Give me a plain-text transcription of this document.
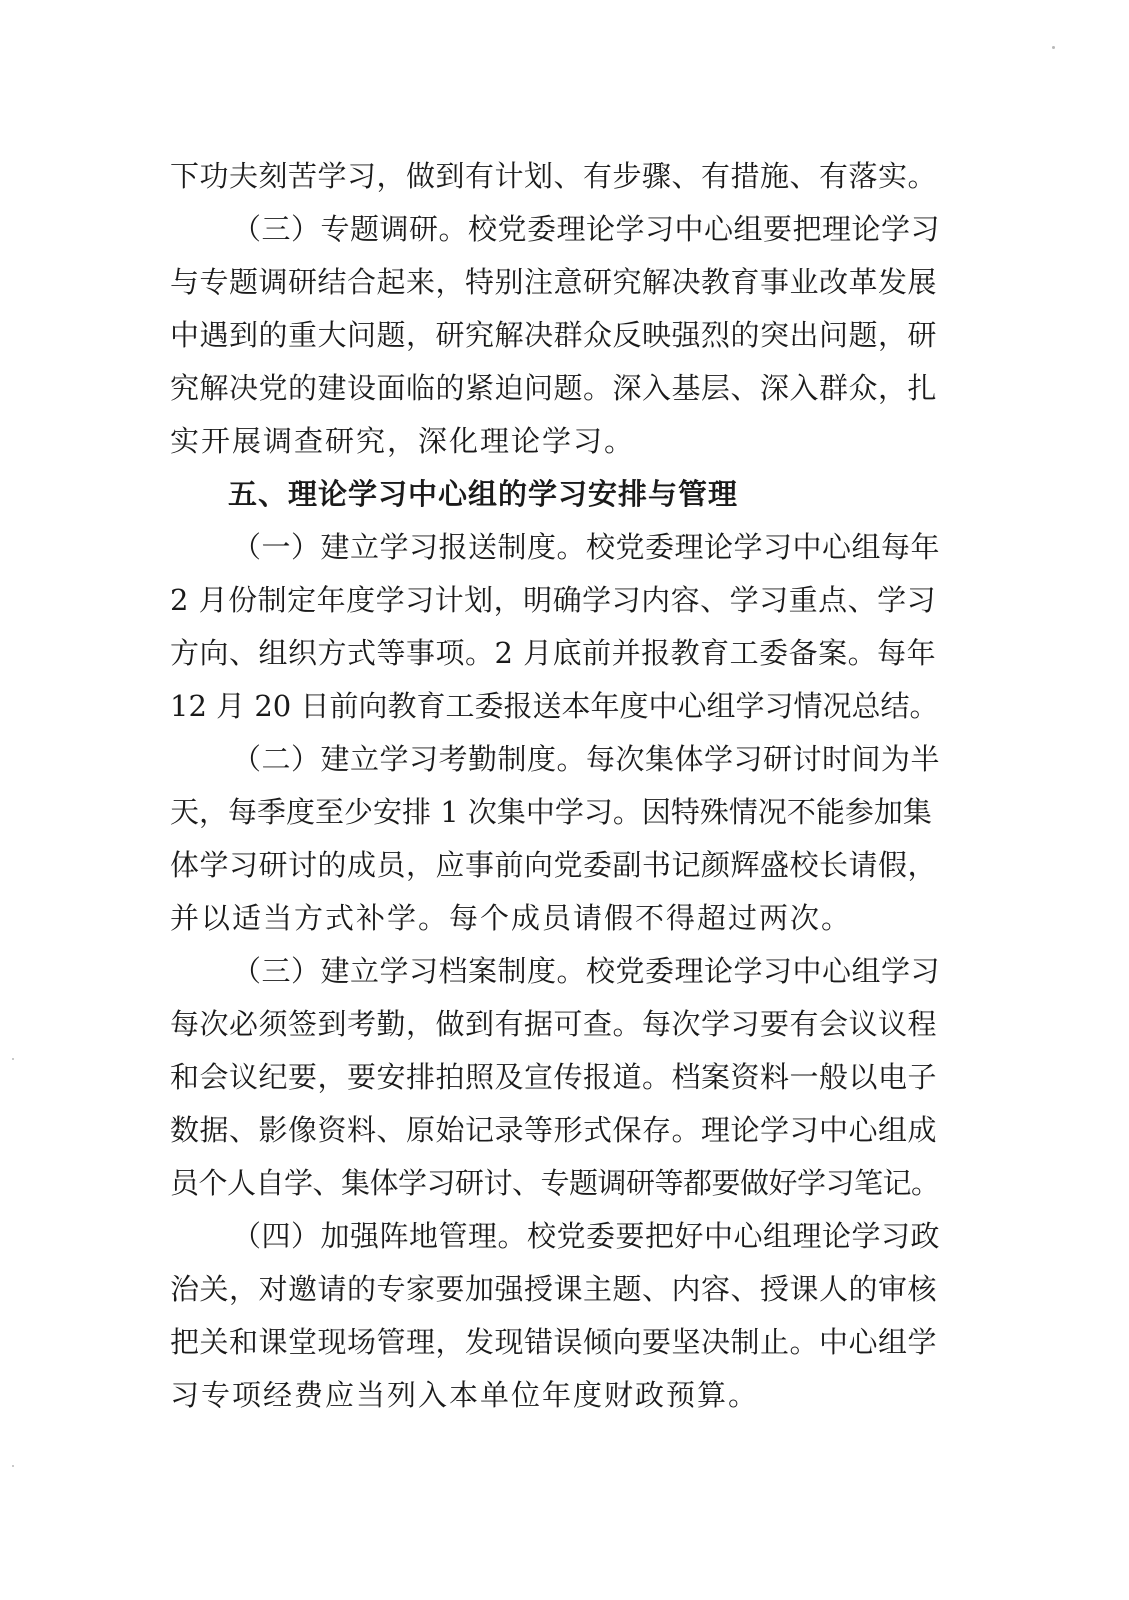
下功夫刻苦学习，做到有计划、有步骤、有措施、有落实。
（三）专题调研。校党委理论学习中心组要把理论学习
与专题调研结合起来，特别注意研究解决教育事业改革发展
中遇到的重大问题，研究解决群众反映强烈的突出问题，研
究解决党的建设面临的紧迫问题。深入基层、深入群众，扎
实开展调查研究，深化理论学习。
五、理论学习中心组的学习安排与管理
（一）建立学习报送制度。校党委理论学习中心组每年
2 月份制定年度学习计划，明确学习内容、学习重点、学习
方向、组织方式等事项。2 月底前并报教育工委备案。每年
12 月 20 日前向教育工委报送本年度中心组学习情况总结。
（二）建立学习考勤制度。每次集体学习研讨时间为半
天，每季度至少安排 1 次集中学习。因特殊情况不能参加集
体学习研讨的成员，应事前向党委副书记颜辉盛校长请假，
并以适当方式补学。每个成员请假不得超过两次。
（三）建立学习档案制度。校党委理论学习中心组学习
每次必须签到考勤，做到有据可查。每次学习要有会议议程
和会议纪要，要安排拍照及宣传报道。档案资料一般以电子
数据、影像资料、原始记录等形式保存。理论学习中心组成
员个人自学、集体学习研讨、专题调研等都要做好学习笔记。
（四）加强阵地管理。校党委要把好中心组理论学习政
治关，对邀请的专家要加强授课主题、内容、授课人的审核
把关和课堂现场管理，发现错误倾向要坚决制止。中心组学
习专项经费应当列入本单位年度财政预算。
